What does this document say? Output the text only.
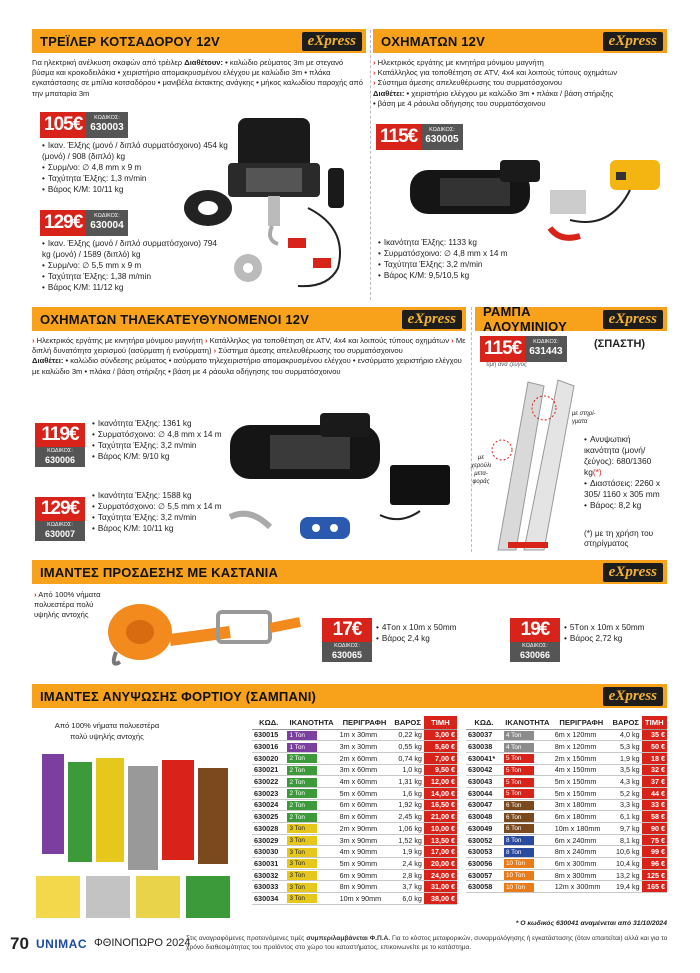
ΤΡΕΪΛΕΡ ΚΟΤΣΑΔΟΡΟΥ 12V	eXpress
Για ηλεκτρική ανέλκυση σκαφών από τρέιλερ Διαθέτουν: • καλώδιο ρεύματος 3m με στεγανό βύσμα και κροκοδειλάκια • χειριστήριο απομακρυσμένου ελέγχου με καλώδιο 3m • πλάκα εγκατάστασης σε μπίλια κοτσαδόρου • μανιβέλα έκτακτης ανάγκης • μήκος καλωδίου παροχής από την μπαταρία 3m
105€	ΚΩΔΙΚΟΣ:
630003
• Ικαν. Έλξης (μονό / διπλό συρματόσχοινο) 454 kg (μονό) / 908 (διπλό) kg
• Συρμ/νο: ∅ 4,8 mm x 9 m
• Ταχύτητα Έλξης: 1,3 m/min
• Βάρος Κ/Μ: 10/11 kg
129€	ΚΩΔΙΚΟΣ:
630004
• Ικαν. Έλξης (μονό / διπλό συρματόσχοινο) 794 kg (μονό) / 1589 (διπλό) kg
• Συρμ/νο: ∅ 5,5 mm x 9 m
• Ταχύτητα Έλξης: 1,38 m/min
• Βάρος Κ/Μ: 11/12 kg
ΟΧΗΜΑΤΩΝ 12V	eXpress
› Ηλεκτρικός εργάτης με κινητήρα μόνιμου μαγνήτη
› Κατάλληλος για τοποθέτηση σε ATV, 4x4 και λοιπούς τύπους οχημάτων
› Σύστημα άμεσης απελευθέρωσης του συρματόσχοινου
Διαθέτει: • χειριστήριο ελέγχου με καλώδιο 3m • πλάκα / βάση στήριξης
• βάση με 4 ράουλα οδήγησης του συρματόσχοινου
115€	ΚΩΔΙΚΟΣ:
630005
• Ικανότητα Έλξης: 1133 kg
• Συρματόσχοινο: ∅ 4,8 mm x 14 m
• Ταχύτητα Έλξης: 3,2 m/min
• Βάρος Κ/Μ: 9,5/10,5 kg
ΟΧΗΜΑΤΩΝ ΤΗΛΕΚΑΤΕΥΘΥΝΟΜΕΝΟΙ 12V	eXpress
› Ηλεκτρικός εργάτης με κινητήρα μόνιμου μαγνήτη › Κατάλληλος για τοποθέτηση σε ATV, 4x4 και λοιπούς τύπους οχημάτων › Με διπλή δυνατότητα χειρισμού (ασύρματη ή ενσύρματη) › Σύστημα άμεσης απελευθέρωσης του συρματόσχοινου
Διαθέτει: • καλώδιο σύνδεσης ρεύματος • ασύρματο τηλεχειριστήριο απομακρυσμένου ελέγχου • ενσύρματο χειριστήριο ελέγχου με καλώδιο 3m • πλάκα / βάση στήριξης • βάση με 4 ράουλα οδήγησης του συρματόσχοινου
119€
ΚΩΔΙΚΟΣ:
630006
• Ικανότητα Έλξης: 1361 kg
• Συρματόσχοινο: ∅ 4,8 mm x 14 m
• Ταχύτητα Έλξης: 3,2 m/min
• Βάρος Κ/Μ: 9/10 kg
129€
ΚΩΔΙΚΟΣ:
630007
• Ικανότητα Έλξης: 1588 kg
• Συρματόσχοινο: ∅ 5,5 mm x 14 m
• Ταχύτητα Έλξης: 3,2 m/min
• Βάρος Κ/Μ: 10/11 kg
ΡΑΜΠΑ ΑΛΟΥΜΙΝΙΟΥ	eXpress
115€	ΚΩΔΙΚΟΣ:
631443
(ΣΠΑΣΤΗ)
τιμή ανά ζεύγος
με στηρί-
γματα
με
χερούλι
μετα-
φοράς
• Ανυψωτική ικανότητα (μονή/ζεύγος): 680/1360 kg(*)
• Διαστάσεις: 2260 x 305/ 1160 x 305 mm
• Βάρος: 8,2 kg
(*) με τη χρήση του στηρίγματος
ΙΜΑΝΤΕΣ ΠΡΟΣΔΕΣΗΣ ΜΕ ΚΑΣΤΑΝΙΑ	eXpress
› Από 100% νήματα πολυεστέρα πολύ υψηλής αντοχής
17€
ΚΩΔΙΚΟΣ:
630065
• 4Τon x 10m x 50mm
• Βάρος 2,4 kg	19€
ΚΩΔΙΚΟΣ:
630066
• 5Τon x 10m x 50mm
• Βάρος 2,72 kg
ΙΜΑΝΤΕΣ ΑΝΥΨΩΣΗΣ ΦΟΡΤΙΟΥ (ΣΑΜΠΑΝΙ)	eXpress
Από 100% νήματα πολυεστέρα πολύ υψηλής αντοχής
ΚΩΔ.	ΙΚΑΝΟΤΗΤΑ	ΠΕΡΙΓΡΑΦΗ	ΒΑΡΟΣ	ΤΙΜΗ
630015	1 Ton	1m x 30mm	0,22 kg	3,00 €
630016	1 Ton	3m x 30mm	0,55 kg	5,60 €
630020	2 Ton	2m x 60mm	0,74 kg	7,00 €
630021	2 Ton	3m x 60mm	1,0 kg	9,50 €
630022	2 Ton	4m x 60mm	1,31 kg	12,00 €
630023	2 Ton	5m x 60mm	1,6 kg	14,00 €
630024	2 Ton	6m x 60mm	1,92 kg	16,50 €
630025	2 Ton	8m x 60mm	2,45 kg	21,00 €
630028	3 Ton	2m x 90mm	1,06 kg	10,00 €
630029	3 Ton	3m x 90mm	1,52 kg	13,50 €
630030	3 Ton	4m x 90mm	1,9 kg	17,00 €
630031	3 Ton	5m x 90mm	2,4 kg	20,00 €
630032	3 Ton	6m x 90mm	2,8 kg	24,00 €
630033	3 Ton	8m x 90mm	3,7 kg	31,00 €
630034	3 Ton	10m x 90mm	6,0 kg	38,00 €
ΚΩΔ.	ΙΚΑΝΟΤΗΤΑ	ΠΕΡΙΓΡΑΦΗ	ΒΑΡΟΣ	ΤΙΜΗ
630037	4 Ton	6m x 120mm	4,0 kg	35 €
630038	4 Ton	8m x 120mm	5,3 kg	50 €
630041*	5 Ton	2m x 150mm	1,9 kg	18 €
630042	5 Ton	4m x 150mm	3,5 kg	32 €
630043	5 Ton	5m x 150mm	4,3 kg	37 €
630044	5 Ton	5m x 150mm	5,2 kg	44 €
630047	6 Ton	3m x 180mm	3,3 kg	33 €
630048	6 Ton	6m x 180mm	6,1 kg	58 €
630049	6 Ton	10m x 180mm	9,7 kg	90 €
630052	8 Ton	6m x 240mm	8,1 kg	75 €
630053	8 Ton	8m x 240mm	10,6 kg	99 €
630056	10 Ton	6m x 300mm	10,4 kg	96 €
630057	10 Ton	8m x 300mm	13,2 kg	125 €
630058	10 Ton	12m x 300mm	19,4 kg	165 €
* Ο κωδικός 630041 αναμένεται από 31/10/2024
70 UNIMAC ΦΘΙΝΟΠΩΡΟ 2024
Στις αναγραφόμενες προτεινόμενες τιμές συμπεριλαμβάνεται Φ.Π.Α. Για το κόστος μεταφορικών, συναρμολόγησης ή εγκατάστασης (όταν απαιτείται) αλλά και για το χρόνο διαθεσιμότητας του προϊόντος στο χώρο του καταστήματος, επικοινωνείτε με το κατάστημα.
